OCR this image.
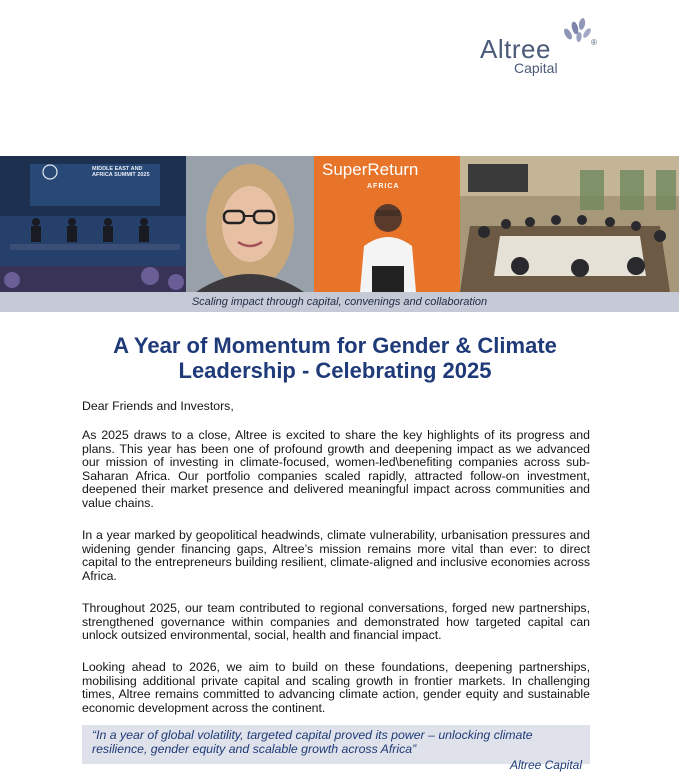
Altree	®
Capital
MIDDLE EAST AND AFRICA SUMMIT 2025	SuperReturn
AFRICA
Scaling impact through capital, convenings and collaboration
A Year of Momentum for Gender & Climate Leadership - Celebrating 2025

Dear Friends and Investors,

As 2025 draws to a close, Altree is excited to share the key highlights of its progress and plans. This year has been one of profound growth and deepening impact as we advanced our mission of investing in climate-focused, women-led\benefiting companies across sub-Saharan Africa. Our portfolio companies scaled rapidly, attracted follow-on investment, deepened their market presence and delivered meaningful impact across communities and value chains.

In a year marked by geopolitical headwinds, climate vulnerability, urbanisation pressures and widening gender financing gaps, Altree’s mission remains more vital than ever: to direct capital to the entrepreneurs building resilient, climate-aligned and inclusive economies across Africa.

Throughout 2025, our team contributed to regional conversations, forged new partnerships, strengthened governance within companies and demonstrated how targeted capital can unlock outsized environmental, social, health and financial impact.

Looking ahead to 2026, we aim to build on these foundations, deepening partnerships, mobilising additional private capital and scaling growth in frontier markets. In challenging times, Altree remains committed to advancing climate action, gender equity and sustainable economic development across the continent.

“In a year of global volatility, targeted capital proved its power – unlocking climate resilience, gender equity and scalable growth across Africa”

Altree Capital
